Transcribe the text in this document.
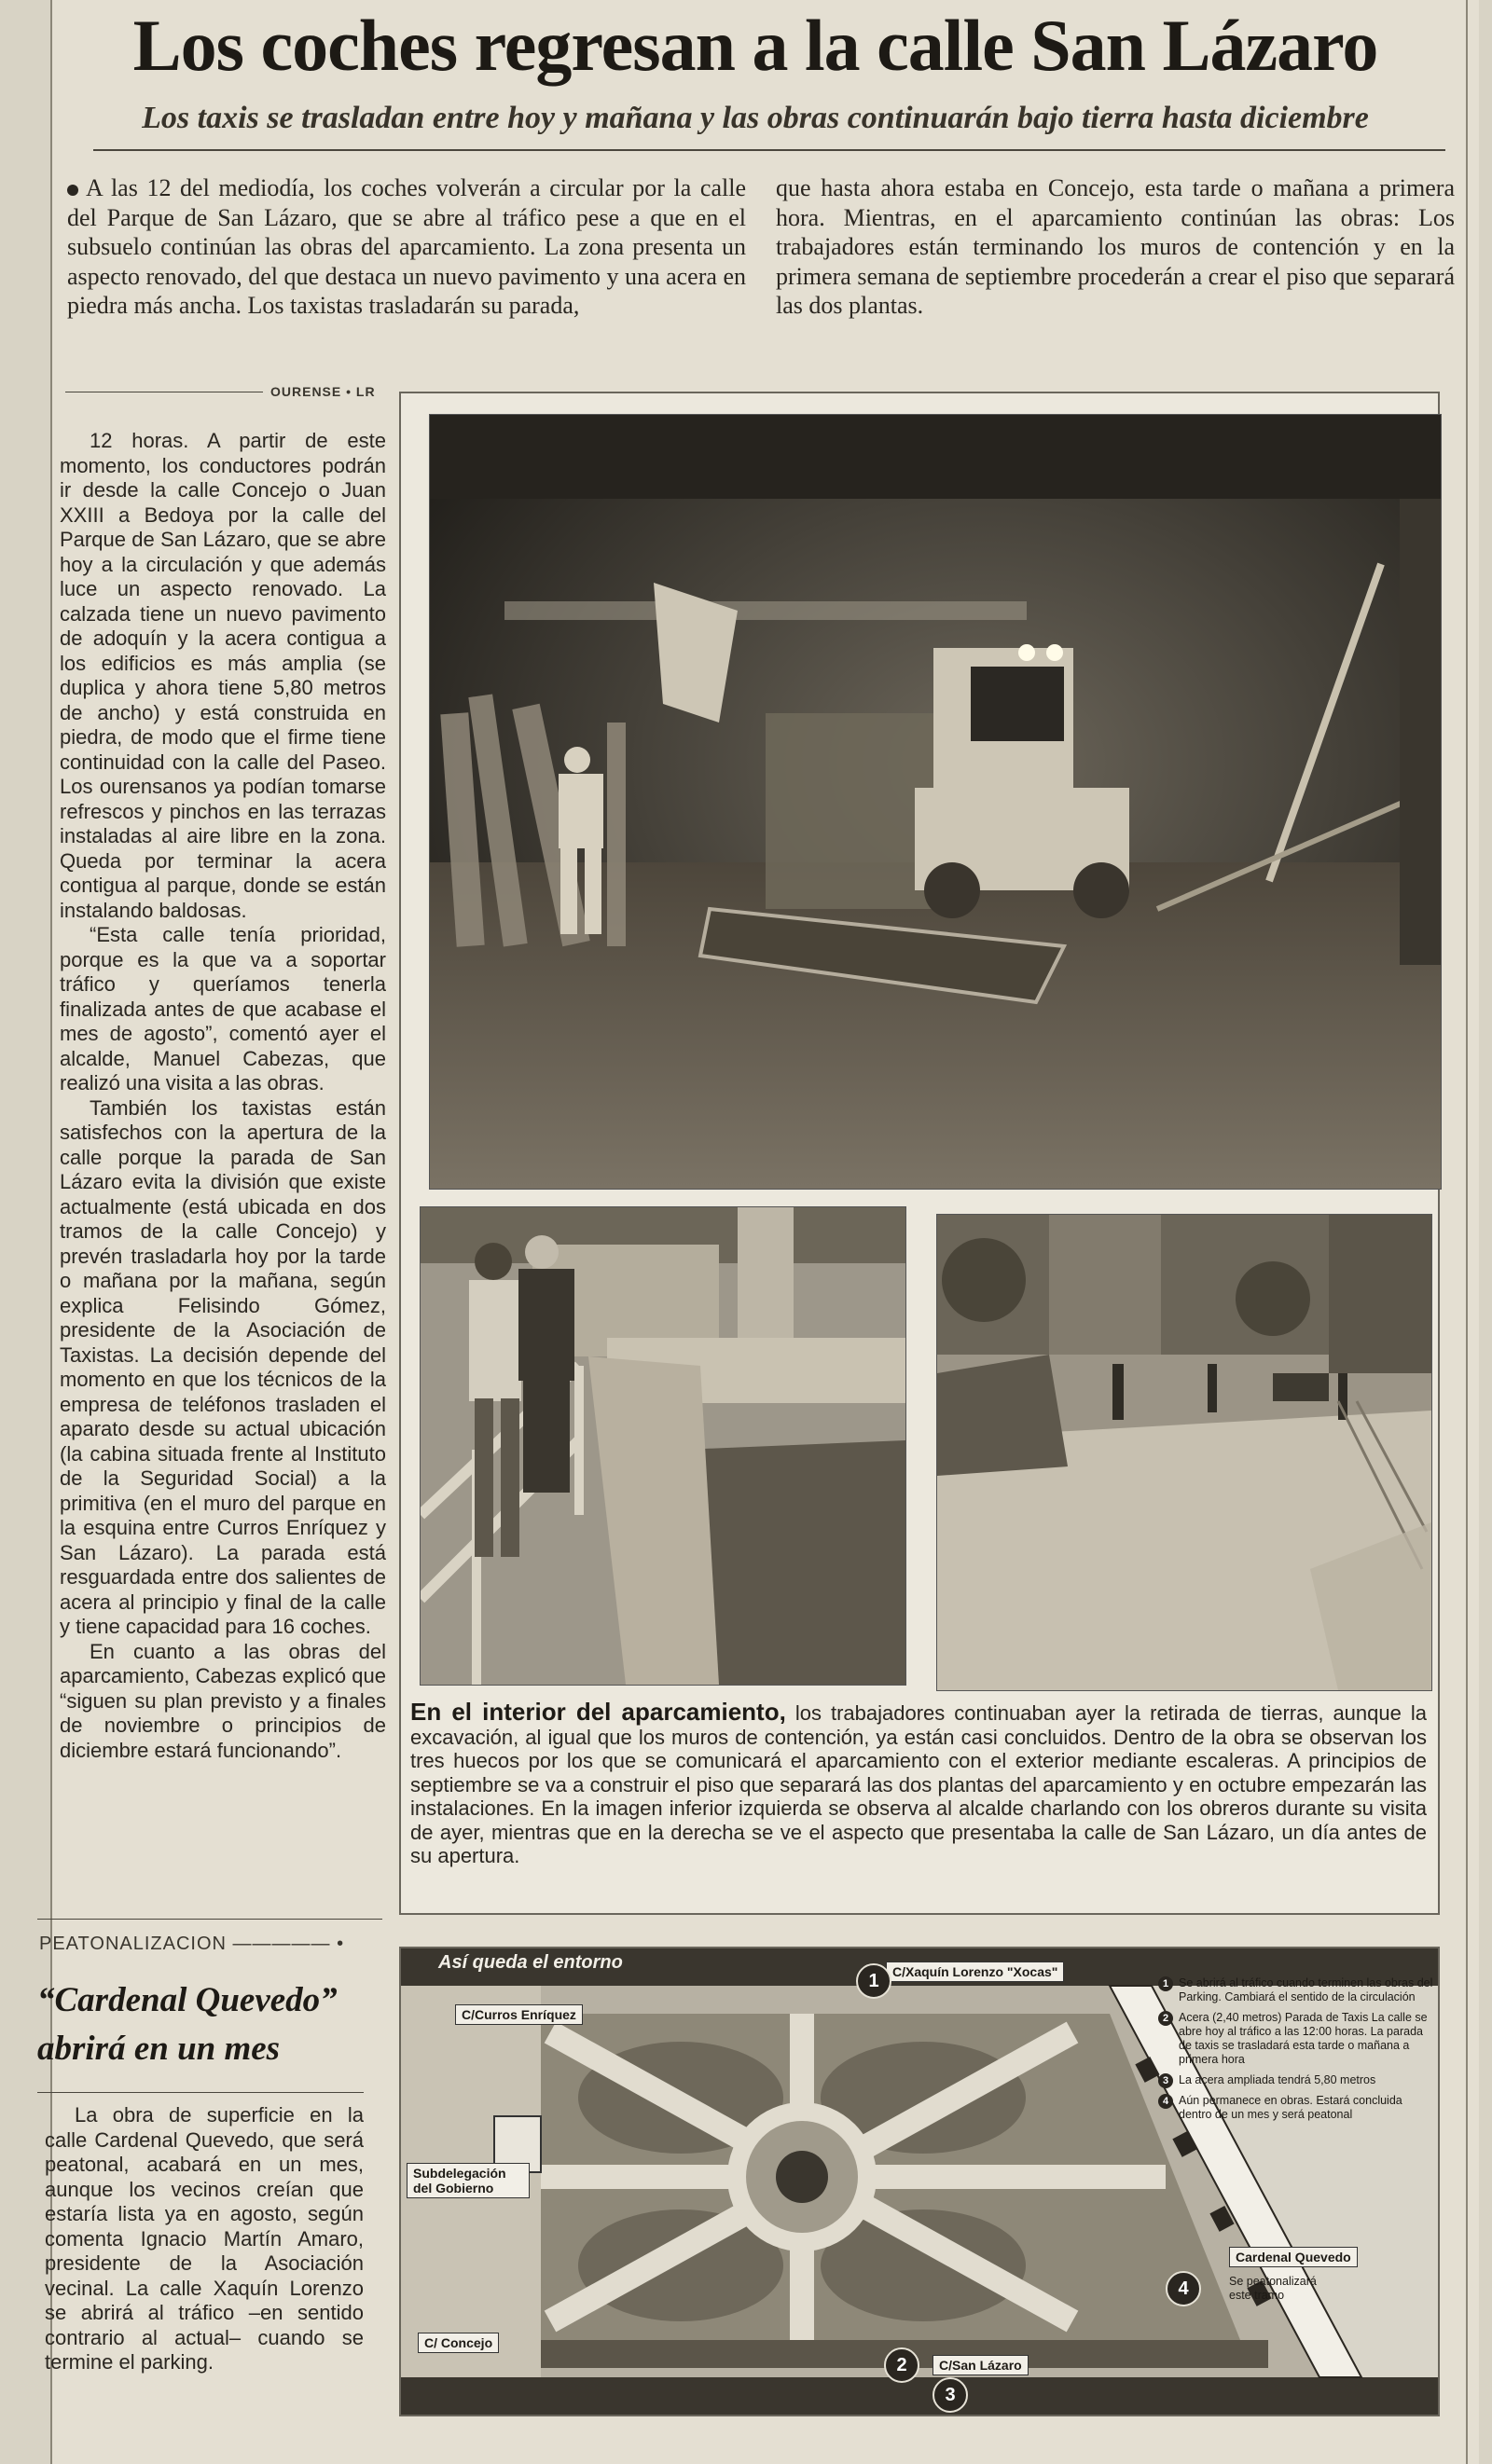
Los coches regresan a la calle San Lázaro
Los taxis se trasladan entre hoy y mañana y las obras continuarán bajo tierra hasta diciembre
A las 12 del mediodía, los coches volverán a circular por la calle del Parque de San Lázaro, que se abre al tráfico pese a que en el subsuelo continúan las obras del aparcamiento. La zona presenta un aspecto renovado, del que destaca un nuevo pavimento y una acera en piedra más ancha. Los taxistas trasladarán su parada,
que hasta ahora estaba en Concejo, esta tarde o mañana a primera hora. Mientras, en el aparcamiento continúan las obras: Los trabajadores están terminando los muros de contención y en la primera semana de septiembre procederán a crear el piso que separará las dos plantas.
OURENSE • LR

12 horas. A partir de este momento, los conductores podrán ir desde la calle Concejo o Juan XXIII a Bedoya por la calle del Parque de San Lázaro, que se abre hoy a la circulación y que además luce un aspecto renovado. La calzada tiene un nuevo pavimento de adoquín y la acera contigua a los edificios es más amplia (se duplica y ahora tiene 5,80 metros de ancho) y está construida en piedra, de modo que el firme tiene continuidad con la calle del Paseo. Los ourensanos ya podían tomarse refrescos y pinchos en las terrazas instaladas al aire libre en la zona. Queda por terminar la acera contigua al parque, donde se están instalando baldosas.

“Esta calle tenía prioridad, porque es la que va a soportar tráfico y queríamos tenerla finalizada antes de que acabase el mes de agosto”, comentó ayer el alcalde, Manuel Cabezas, que realizó una visita a las obras.

También los taxistas están satisfechos con la apertura de la calle porque la parada de San Lázaro evita la división que existe actualmente (está ubicada en dos tramos de la calle Concejo) y prevén trasladarla hoy por la tarde o mañana por la mañana, según explica Felisindo Gómez, presidente de la Asociación de Taxistas. La decisión depende del momento en que los técnicos de la empresa de teléfonos trasladen el aparato desde su actual ubicación (la cabina situada frente al Instituto de la Seguridad Social) a la primitiva (en el muro del parque en la esquina entre Curros Enríquez y San Lázaro). La parada está resguardada entre dos salientes de acera al principio y final de la calle y tiene capacidad para 16 coches.

En cuanto a las obras del aparcamiento, Cabezas explicó que “siguen su plan previsto y a finales de noviembre o principios de diciembre estará funcionando”.

En el interior del aparcamiento, los trabajadores continuaban ayer la retirada de tierras, aunque la excavación, al igual que los muros de contención, ya están casi concluidos. Dentro de la obra se observan los tres huecos por los que se comunicará el aparcamiento con el exterior mediante escaleras. A principios de septiembre se va a construir el piso que separará las dos plantas del aparcamiento y en octubre empezarán las instalaciones. En la imagen inferior izquierda se observa al alcalde charlando con los obreros durante su visita de ayer, mientras que en la derecha se ve el aspecto que presentaba la calle de San Lázaro, un día antes de su apertura.
PEATONALIZACION ————— •
“Cardenal Quevedo” abrirá en un mes

La obra de superficie en la calle Cardenal Quevedo, que será peatonal, acabará en un mes, aunque los vecinos creían que estaría lista ya en agosto, según comenta Ignacio Martín Amaro, presidente de la Asociación vecinal. La calle Xaquín Lorenzo se abrirá al tráfico –en sentido contrario al actual– cuando se termine el parking.

Así queda el entorno	C/Xaquín Lorenzo "Xocas"
C/Curros Enríquez
Subdelegación del Gobierno
C/ Concejo
C/San Lázaro
Cardenal Quevedo
Se peatonalizará este tramo
1
2
3
4
1 Se abrirá al tráfico cuando terminen las obras del Parking. Cambiará el sentido de la circulación
2 Acera (2,40 metros) Parada de Taxis La calle se abre hoy al tráfico a las 12:00 horas. La parada de taxis se trasladará esta tarde o mañana a primera hora
3 La acera ampliada tendrá 5,80 metros
4 Aún permanece en obras. Estará concluida dentro de un mes y será peatonal
